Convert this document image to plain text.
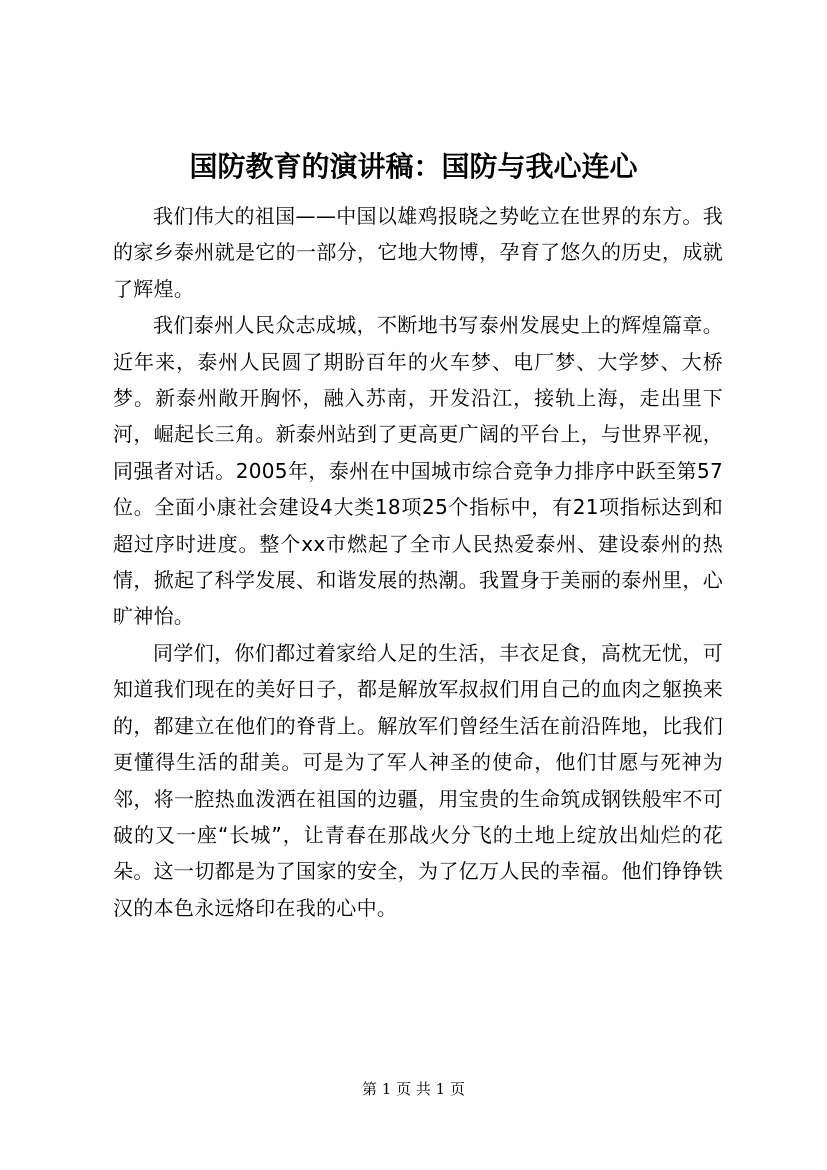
国防教育的演讲稿：国防与我心连心

我们伟大的祖国——中国以雄鸡报晓之势屹立在世界的东方。我的家乡泰州就是它的一部分，它地大物博，孕育了悠久的历史，成就了辉煌。

我们泰州人民众志成城，不断地书写泰州发展史上的辉煌篇章。近年来，泰州人民圆了期盼百年的火车梦、电厂梦、大学梦、大桥梦。新泰州敞开胸怀，融入苏南，开发沿江，接轨上海，走出里下河，崛起长三角。新泰州站到了更高更广阔的平台上，与世界平视，同强者对话。2005年，泰州在中国城市综合竞争力排序中跃至第57位。全面小康社会建设4大类18项25个指标中，有21项指标达到和超过序时进度。整个xx市燃起了全市人民热爱泰州、建设泰州的热情，掀起了科学发展、和谐发展的热潮。我置身于美丽的泰州里，心旷神怡。

同学们，你们都过着家给人足的生活，丰衣足食，高枕无忧，可知道我们现在的美好日子，都是解放军叔叔们用自己的血肉之躯换来的，都建立在他们的脊背上。解放军们曾经生活在前沿阵地，比我们更懂得生活的甜美。可是为了军人神圣的使命，他们甘愿与死神为邻，将一腔热血泼洒在祖国的边疆，用宝贵的生命筑成钢铁般牢不可破的又一座“长城”，让青春在那战火分飞的土地上绽放出灿烂的花朵。这一切都是为了国家的安全，为了亿万人民的幸福。他们铮铮铁汉的本色永远烙印在我的心中。

第 1 页 共 1 页
